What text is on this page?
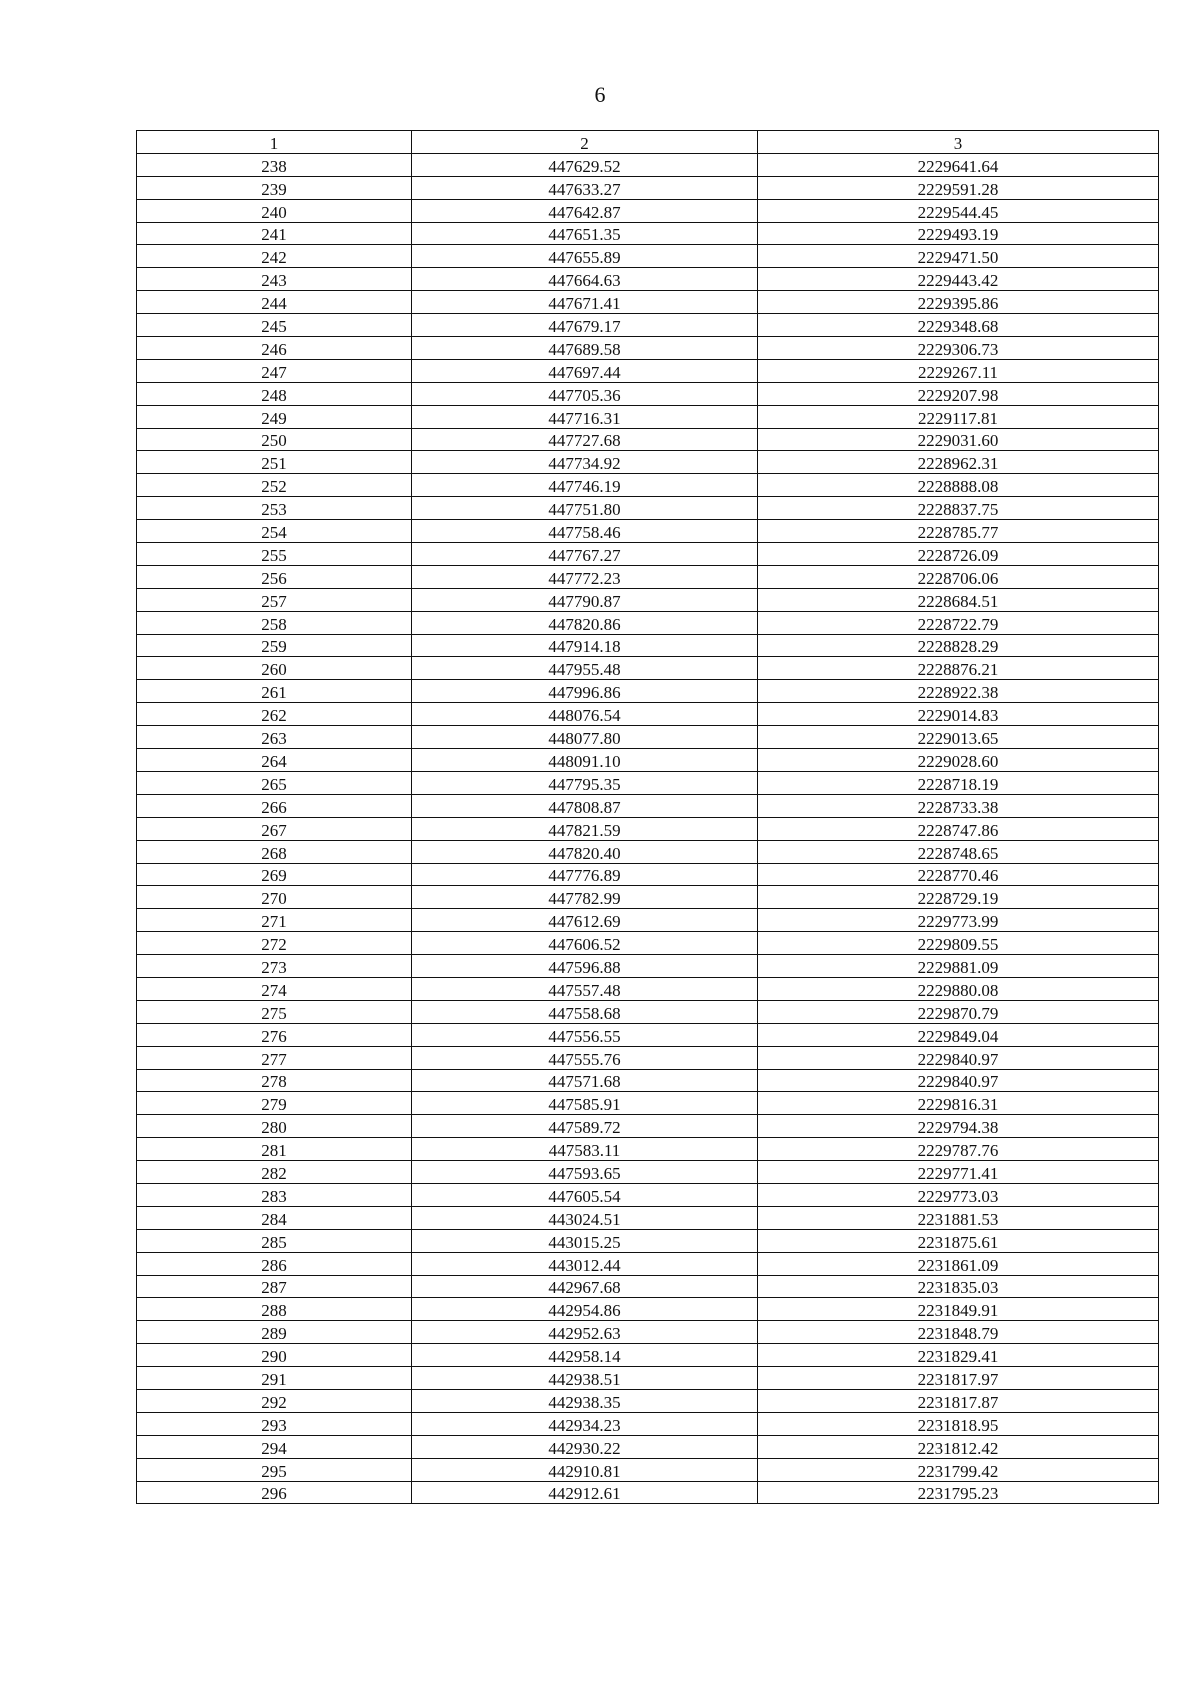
6
1	2	3
238	447629.52	2229641.64
239	447633.27	2229591.28
240	447642.87	2229544.45
241	447651.35	2229493.19
242	447655.89	2229471.50
243	447664.63	2229443.42
244	447671.41	2229395.86
245	447679.17	2229348.68
246	447689.58	2229306.73
247	447697.44	2229267.11
248	447705.36	2229207.98
249	447716.31	2229117.81
250	447727.68	2229031.60
251	447734.92	2228962.31
252	447746.19	2228888.08
253	447751.80	2228837.75
254	447758.46	2228785.77
255	447767.27	2228726.09
256	447772.23	2228706.06
257	447790.87	2228684.51
258	447820.86	2228722.79
259	447914.18	2228828.29
260	447955.48	2228876.21
261	447996.86	2228922.38
262	448076.54	2229014.83
263	448077.80	2229013.65
264	448091.10	2229028.60
265	447795.35	2228718.19
266	447808.87	2228733.38
267	447821.59	2228747.86
268	447820.40	2228748.65
269	447776.89	2228770.46
270	447782.99	2228729.19
271	447612.69	2229773.99
272	447606.52	2229809.55
273	447596.88	2229881.09
274	447557.48	2229880.08
275	447558.68	2229870.79
276	447556.55	2229849.04
277	447555.76	2229840.97
278	447571.68	2229840.97
279	447585.91	2229816.31
280	447589.72	2229794.38
281	447583.11	2229787.76
282	447593.65	2229771.41
283	447605.54	2229773.03
284	443024.51	2231881.53
285	443015.25	2231875.61
286	443012.44	2231861.09
287	442967.68	2231835.03
288	442954.86	2231849.91
289	442952.63	2231848.79
290	442958.14	2231829.41
291	442938.51	2231817.97
292	442938.35	2231817.87
293	442934.23	2231818.95
294	442930.22	2231812.42
295	442910.81	2231799.42
296	442912.61	2231795.23
